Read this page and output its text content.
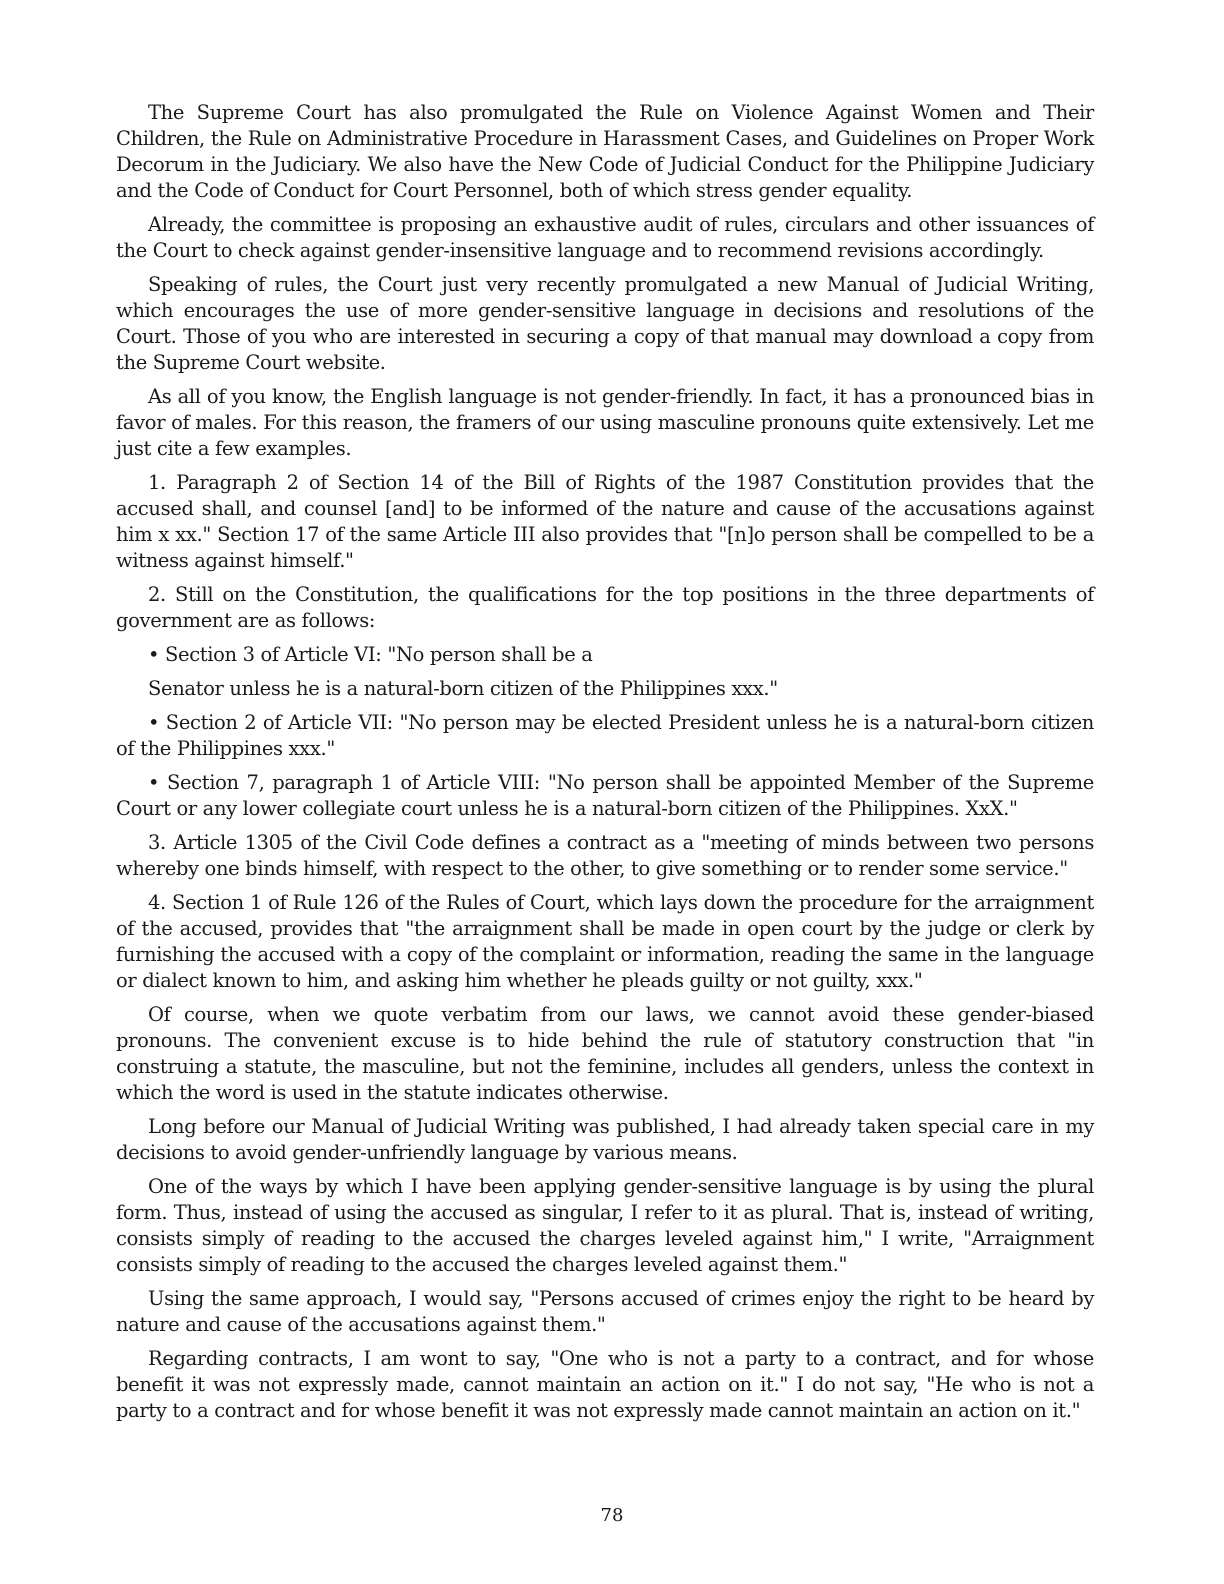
The Supreme Court has also promulgated the Rule on Violence Against Women and Their Children, the Rule on Administrative Procedure in Harassment Cases, and Guidelines on Proper Work Decorum in the Judiciary. We also have the New Code of Judicial Conduct for the Philippine Judiciary and the Code of Conduct for Court Personnel, both of which stress gender equality.

Already, the committee is proposing an exhaustive audit of rules, circulars and other issuances of the Court to check against gender-insensitive language and to recommend revisions accordingly.

Speaking of rules, the Court just very recently promulgated a new Manual of Judicial Writing, which encourages the use of more gender-sensitive language in decisions and resolutions of the Court. Those of you who are interested in securing a copy of that manual may download a copy from the Supreme Court website.

As all of you know, the English language is not gender-friendly. In fact, it has a pronounced bias in favor of males. For this reason, the framers of our using masculine pronouns quite extensively. Let me just cite a few examples.

1. Paragraph 2 of Section 14 of the Bill of Rights of the 1987 Constitution provides that the accused shall, and counsel [and] to be informed of the nature and cause of the accusations against him x xx." Section 17 of the same Article III also provides that "[n]o person shall be compelled to be a witness against himself."

2. Still on the Constitution, the qualifications for the top positions in the three departments of government are as follows:

• Section 3 of Article VI: "No person shall be a

Senator unless he is a natural-born citizen of the Philippines xxx."

• Section 2 of Article VII: "No person may be elected President unless he is a natural-born citizen of the Philippines xxx."

• Section 7, paragraph 1 of Article VIII: "No person shall be appointed Member of the Supreme Court or any lower collegiate court unless he is a natural-born citizen of the Philippines. XxX."

3. Article 1305 of the Civil Code defines a contract as a "meeting of minds between two persons whereby one binds himself, with respect to the other, to give something or to render some service."

4. Section 1 of Rule 126 of the Rules of Court, which lays down the procedure for the arraignment of the accused, provides that "the arraignment shall be made in open court by the judge or clerk by furnishing the accused with a copy of the complaint or information, reading the same in the language or dialect known to him, and asking him whether he pleads guilty or not guilty, xxx."

Of course, when we quote verbatim from our laws, we cannot avoid these gender-biased pronouns. The convenient excuse is to hide behind the rule of statutory construction that "in construing a statute, the masculine, but not the feminine, includes all genders, unless the context in which the word is used in the statute indicates otherwise.

Long before our Manual of Judicial Writing was published, I had already taken special care in my decisions to avoid gender-unfriendly language by various means.

One of the ways by which I have been applying gender-sensitive language is by using the plural form. Thus, instead of using the accused as singular, I refer to it as plural. That is, instead of writing, consists simply of reading to the accused the charges leveled against him," I write, "Arraignment consists simply of reading to the accused the charges leveled against them."

Using the same approach, I would say, "Persons accused of crimes enjoy the right to be heard by nature and cause of the accusations against them."

Regarding contracts, I am wont to say, "One who is not a party to a contract, and for whose benefit it was not expressly made, cannot maintain an action on it." I do not say, "He who is not a party to a contract and for whose benefit it was not expressly made cannot maintain an action on it."

78
